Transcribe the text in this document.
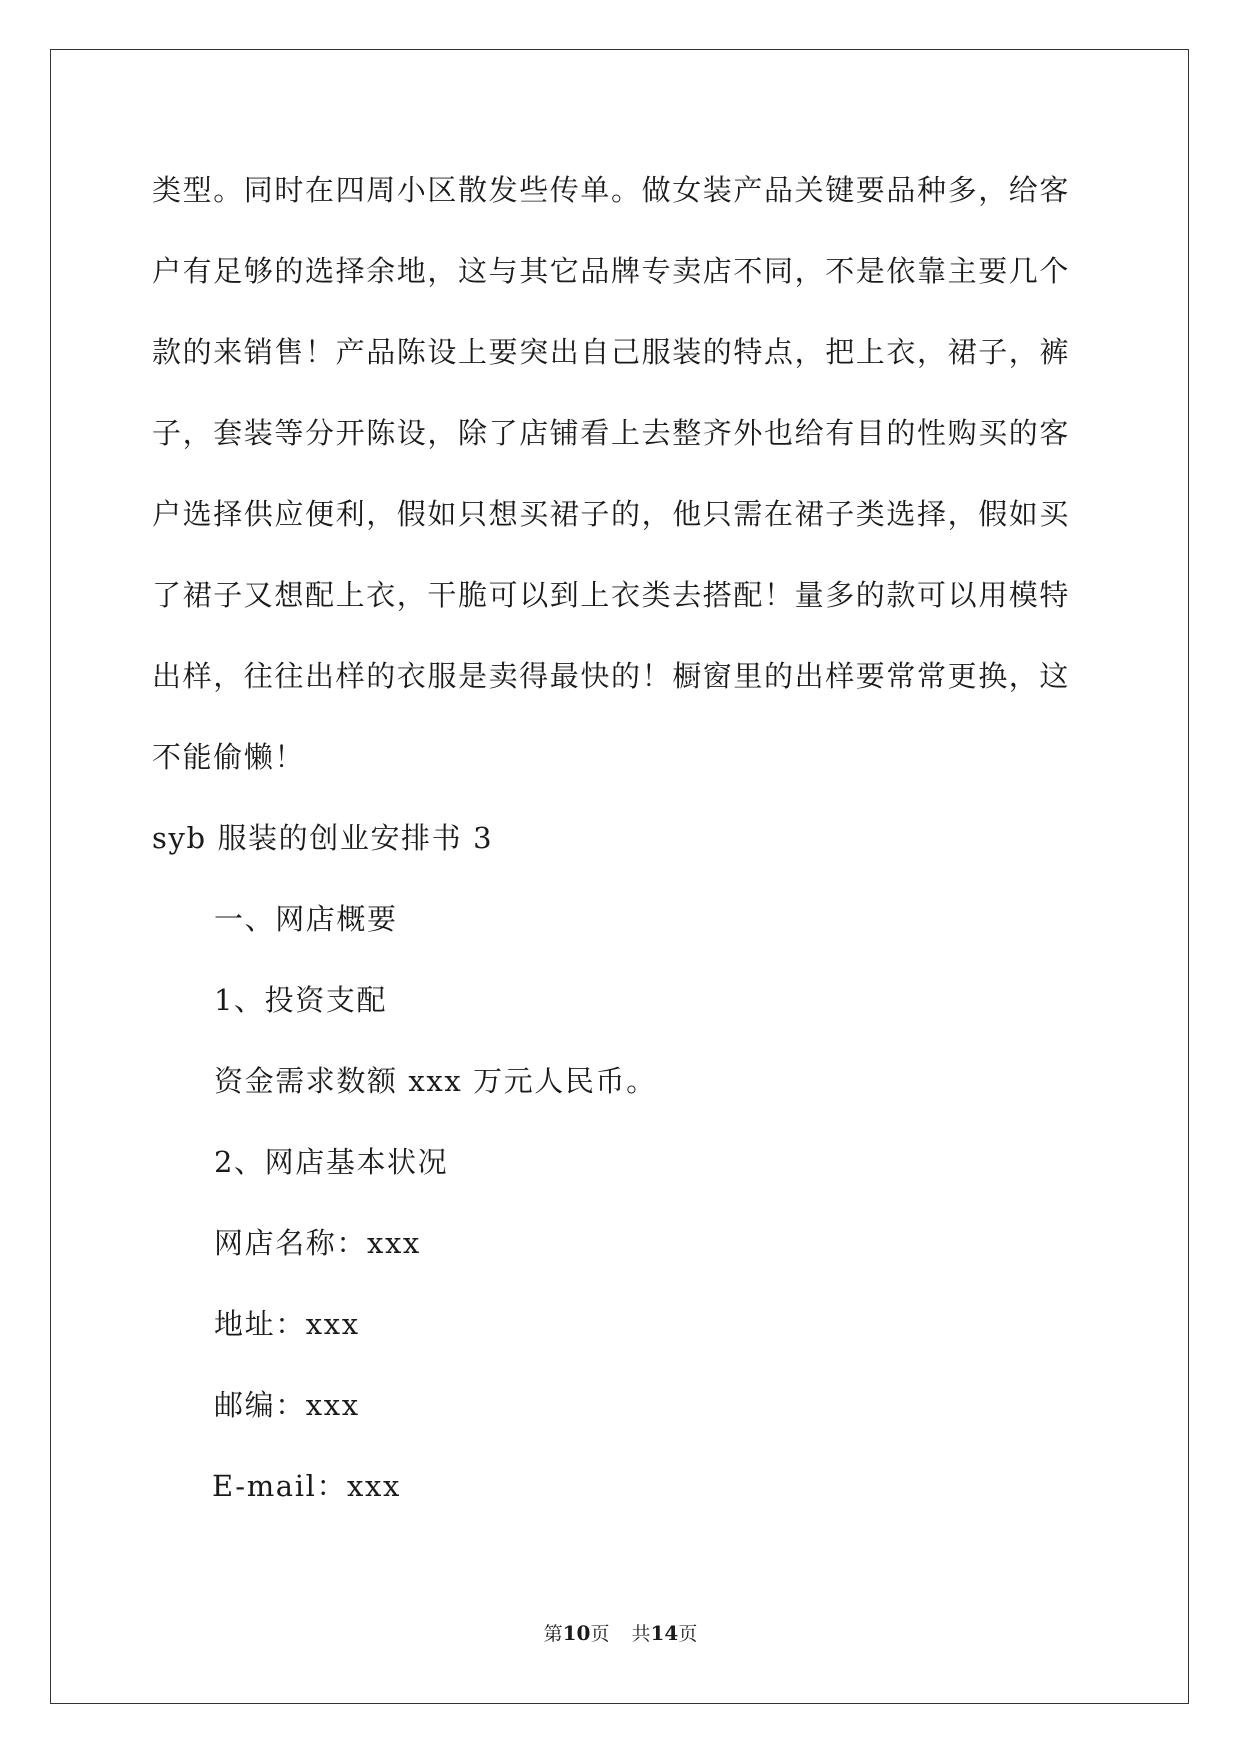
类型。同时在四周小区散发些传单。做女装产品关键要品种多，给客
户有足够的选择余地，这与其它品牌专卖店不同，不是依靠主要几个
款的来销售！产品陈设上要突出自己服装的特点，把上衣，裙子，裤
子，套装等分开陈设，除了店铺看上去整齐外也给有目的性购买的客
户选择供应便利，假如只想买裙子的，他只需在裙子类选择，假如买
了裙子又想配上衣，干脆可以到上衣类去搭配！量多的款可以用模特
出样，往往出样的衣服是卖得最快的！橱窗里的出样要常常更换，这
不能偷懒！
syb 服装的创业安排书 3
一、网店概要
1、投资支配
资金需求数额 xxx 万元人民币。
2、网店基本状况
网店名称：xxx
地址：xxx
邮编：xxx
E-mail：xxx
第10页 共14页
